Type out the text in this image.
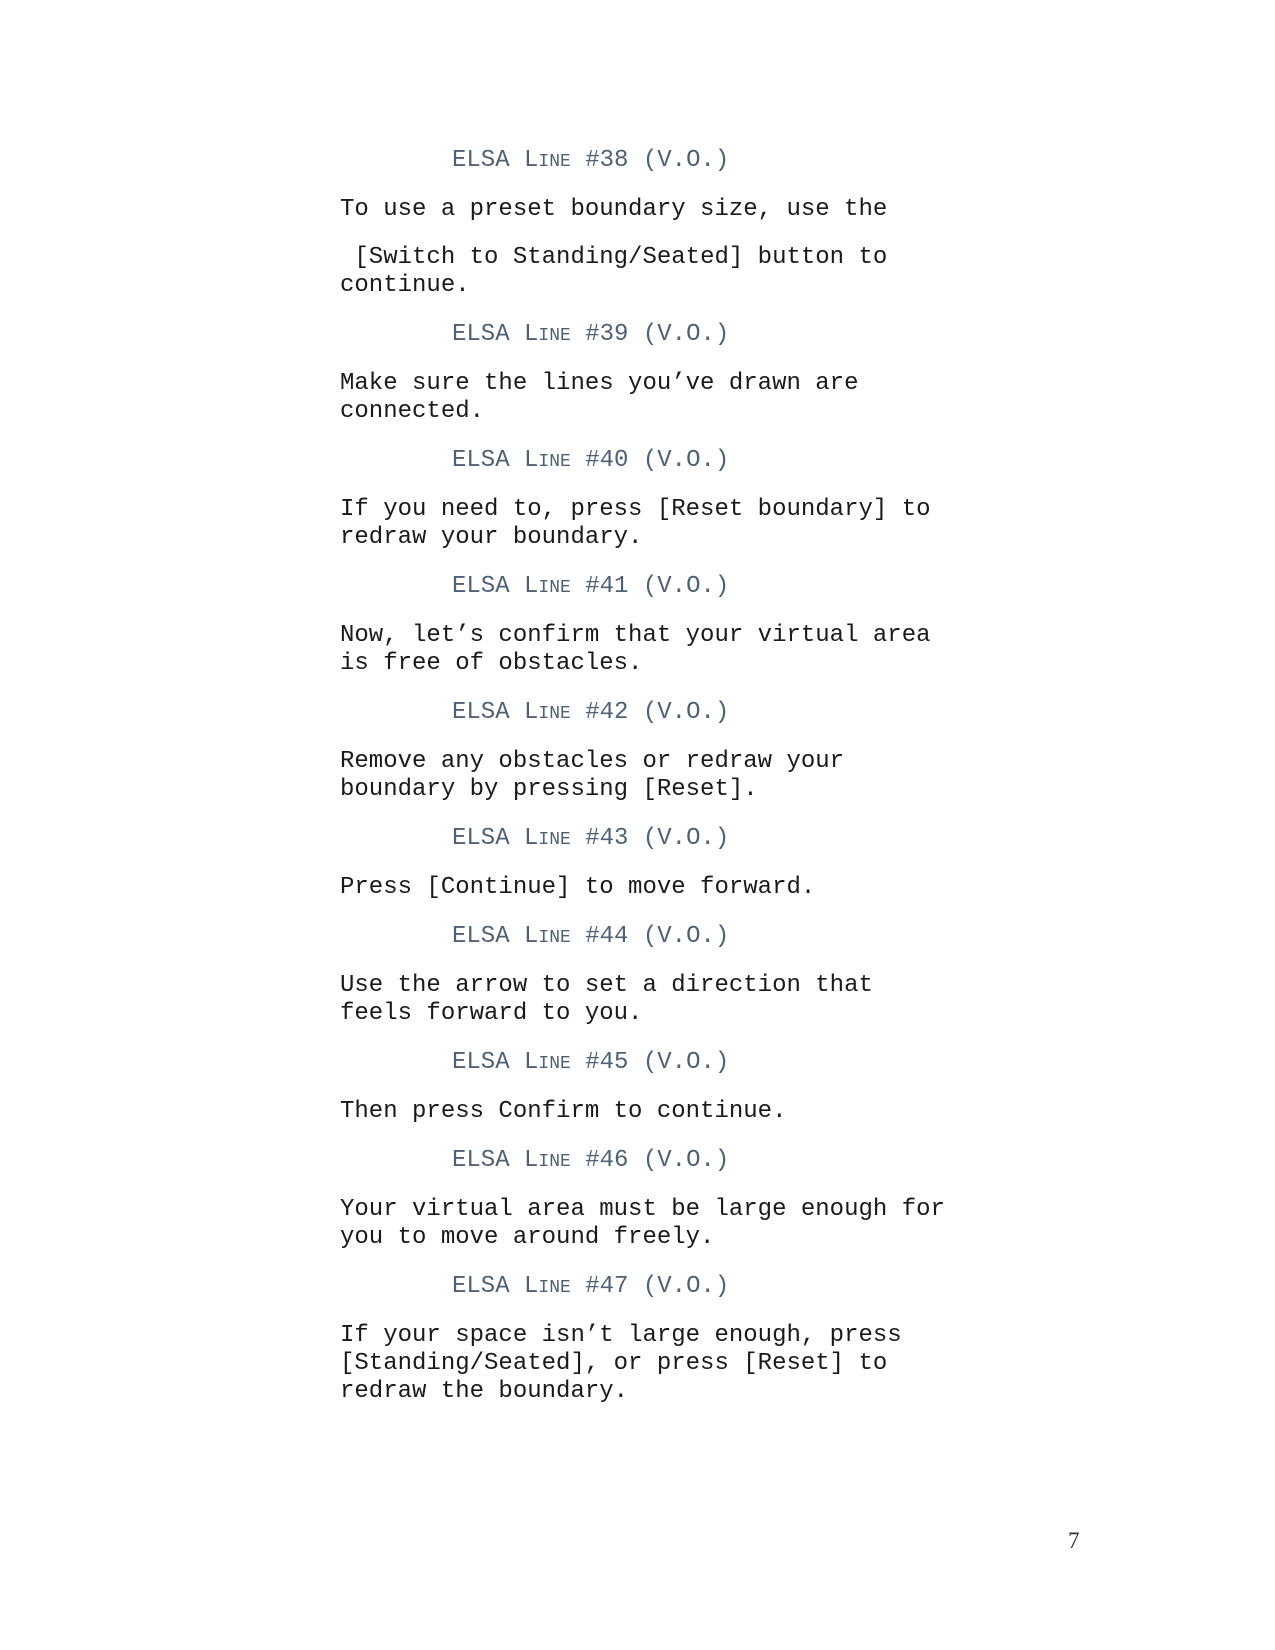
ELSA LINE #38 (V.O.)
To use a preset boundary size, use the
[Switch to Standing/Seated] button to
continue.
ELSA LINE #39 (V.O.)
Make sure the lines you’ve drawn are
connected.
ELSA LINE #40 (V.O.)
If you need to, press [Reset boundary] to
redraw your boundary.
ELSA LINE #41 (V.O.)
Now, let’s confirm that your virtual area
is free of obstacles.
ELSA LINE #42 (V.O.)
Remove any obstacles or redraw your
boundary by pressing [Reset].
ELSA LINE #43 (V.O.)
Press [Continue] to move forward.
ELSA LINE #44 (V.O.)
Use the arrow to set a direction that
feels forward to you.
ELSA LINE #45 (V.O.)
Then press Confirm to continue.
ELSA LINE #46 (V.O.)
Your virtual area must be large enough for
you to move around freely.
ELSA LINE #47 (V.O.)
If your space isn’t large enough, press
[Standing/Seated], or press [Reset] to
redraw the boundary.
7
